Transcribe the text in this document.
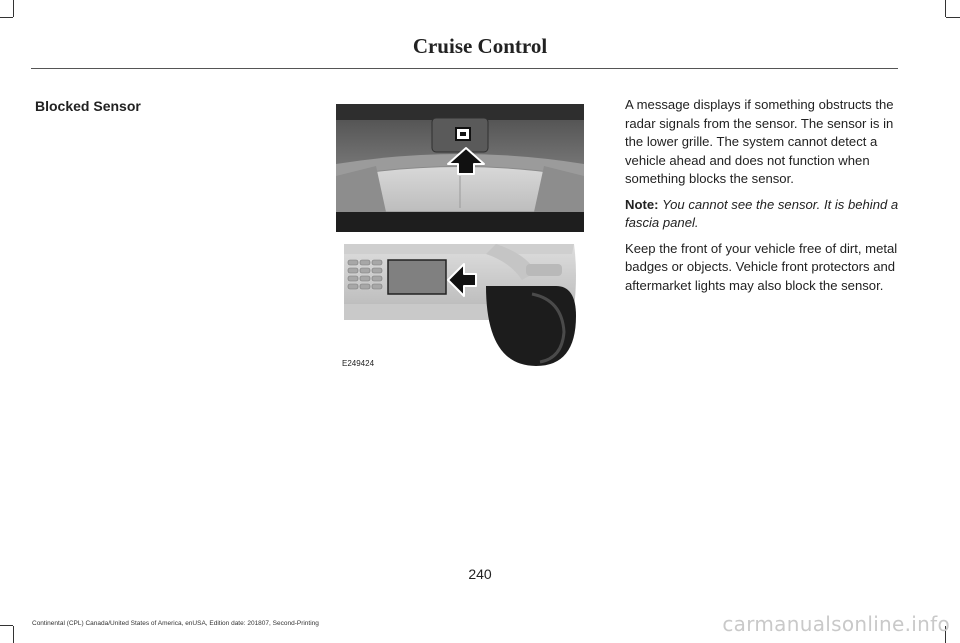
Cruise Control
Blocked Sensor
E249424

A message displays if something obstructs the radar signals from the sensor. The sensor is in the lower grille. The system cannot detect a vehicle ahead and does not function when something blocks the sensor.

Note: You cannot see the sensor. It is behind a fascia panel.

Keep the front of your vehicle free of dirt, metal badges or objects. Vehicle front protectors and aftermarket lights may also block the sensor.

240
Continental (CPL) Canada/United States of America, enUSA, Edition date: 201807, Second-Printing	carmanualsonline.info
